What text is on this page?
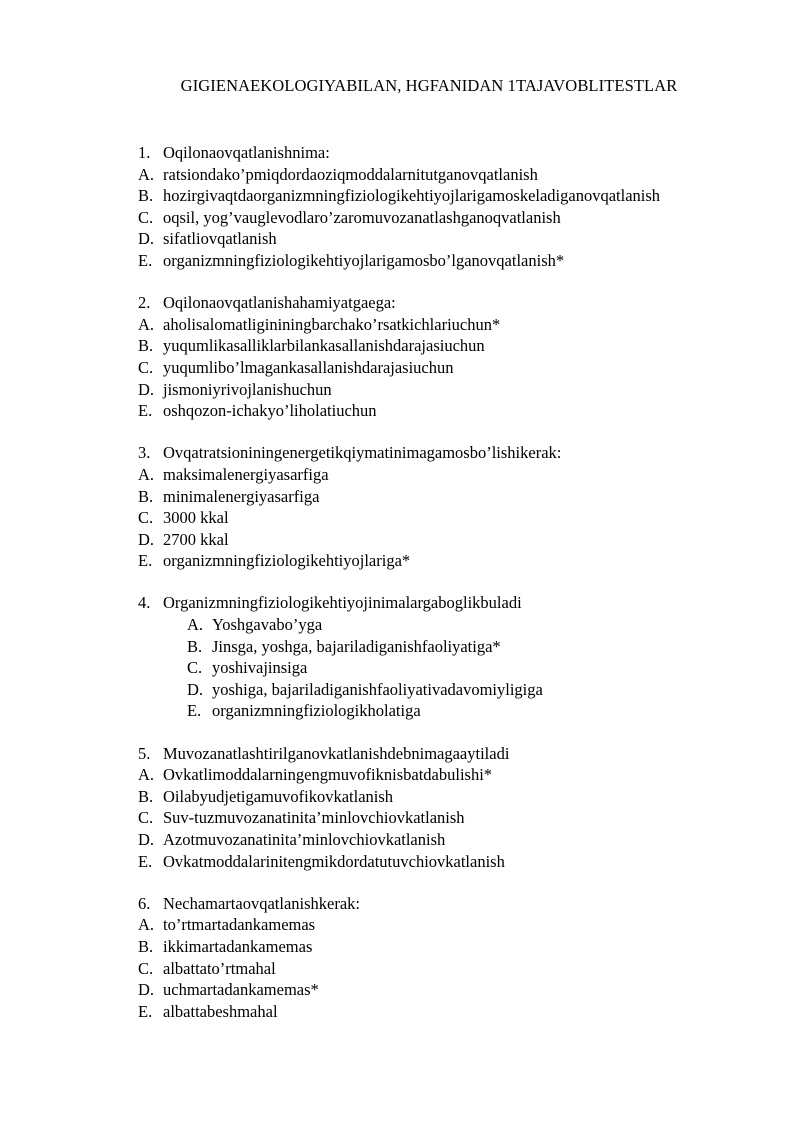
GIGIENAEKOLOGIYABILAN, HGFANIDAN 1TAJAVOBLITESTLAR
1. Oqilonaovqatlanishnima:
A. ratsiondako’pmiqdordaoziqmoddalarnitutganovqatlanish
B. hozirgivaqtdaorganizmningfiziologikehtiyojlarigamoskeladiganovqatlanish
C. oqsil, yog’vauglevodlaro’zaromuvozanatlashganoqvatlanish
D. sifatliovqatlanish
E. organizmningfiziologikehtiyojlarigamosbo’lganovqatlanish*
2. Oqilonaovqatlanishahamiyatgaega:
A. aholisalomatligininingbarchako’rsatkichlariuchun*
B. yuqumlikasalliklarbilankasallanishdarajasiuchun
C. yuqumlibo’lmagankasallanishdarajasiuchun
D. jismoniyrivojlanishuchun
E. oshqozon-ichakyo’liholatiuchun
3. Ovqatratsioniningenergetikqiymatinimagamosbo’lishikerak:
A. maksimalenergiyasarfiga
B. minimalenergiyasarfiga
C. 3000 kkal
D. 2700 kkal
E. organizmningfiziologikehtiyojlariga*
4. Organizmningfiziologikehtiyojinimalargaboglikbuladi
A. Yoshgavabo’yga
B. Jinsga, yoshga, bajariladiganishfaoliyatiga*
C. yoshivajinsiga
D. yoshiga, bajariladiganishfaoliyativadavomiyligiga
E. organizmningfiziologikholatiga
5. Muvozanatlashtirilganovkatlanishdebnimagaaytiladi
A. Ovkatlimoddalarningengmuvofiknisbatdabulishi*
B. Oilabyudjetigamuvofikovkatlanish
C. Suv-tuzmuvozanatinita’minlovchiovkatlanish
D. Azotmuvozanatinita’minlovchiovkatlanish
E. Ovkatmoddalarinitengmikdordatutuvchiovkatlanish
6. Nechamartaovqatlanishkerak:
A. to’rtmartadankamemas
B. ikkimartadankamemas
C. albattato’rtmahal
D. uchmartadankamemas*
E. albattabeshmahal
